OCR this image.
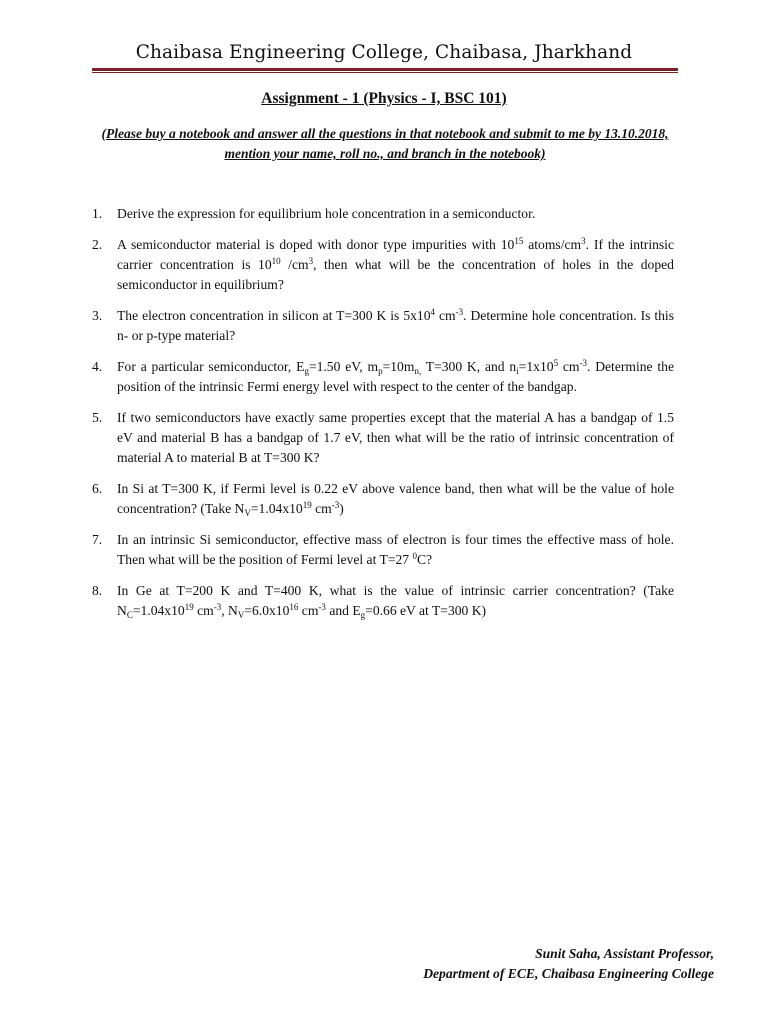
Chaibasa Engineering College, Chaibasa, Jharkhand
Assignment - 1 (Physics - I, BSC 101)
(Please buy a notebook and answer all the questions in that notebook and submit to me by 13.10.2018, mention your name, roll no., and branch in the notebook)
1. Derive the expression for equilibrium hole concentration in a semiconductor.
2. A semiconductor material is doped with donor type impurities with $10^{15}$ atoms/$cm^3$. If the intrinsic carrier concentration is $10^{10}$ $/cm^3$, then what will be the concentration of holes in the doped semiconductor in equilibrium?
3. The electron concentration in silicon at T=300 K is $5x10^4$ $cm^{-3}$. Determine hole concentration. Is this n- or p-type material?
4. For a particular semiconductor, $E_g=1.50$ eV, $m_p=10m_{n,}$ T=300 K, and $n_i=1x10^5$ $cm^{-3}$. Determine the position of the intrinsic Fermi energy level with respect to the center of the bandgap.
5. If two semiconductors have exactly same properties except that the material A has a bandgap of 1.5 eV and material B has a bandgap of 1.7 eV, then what will be the ratio of intrinsic concentration of material A to material B at T=300 K?
6. In Si at T=300 K, if Fermi level is 0.22 eV above valence band, then what will be the value of hole concentration? (Take $N_V=1.04x10^{19}$ $cm^{-3}$)
7. In an intrinsic Si semiconductor, effective mass of electron is four times the effective mass of hole. Then what will be the position of Fermi level at T=27 $^0$C?
8. In Ge at T=200 K and T=400 K, what is the value of intrinsic carrier concentration? (Take $N_C=1.04x10^{19}$ $cm^{-3}$, $N_V=6.0x10^{16}$ $cm^{-3}$ and $E_g=0.66$ eV at T=300 K)
Sunit Saha, Assistant Professor,
Department of ECE, Chaibasa Engineering College
